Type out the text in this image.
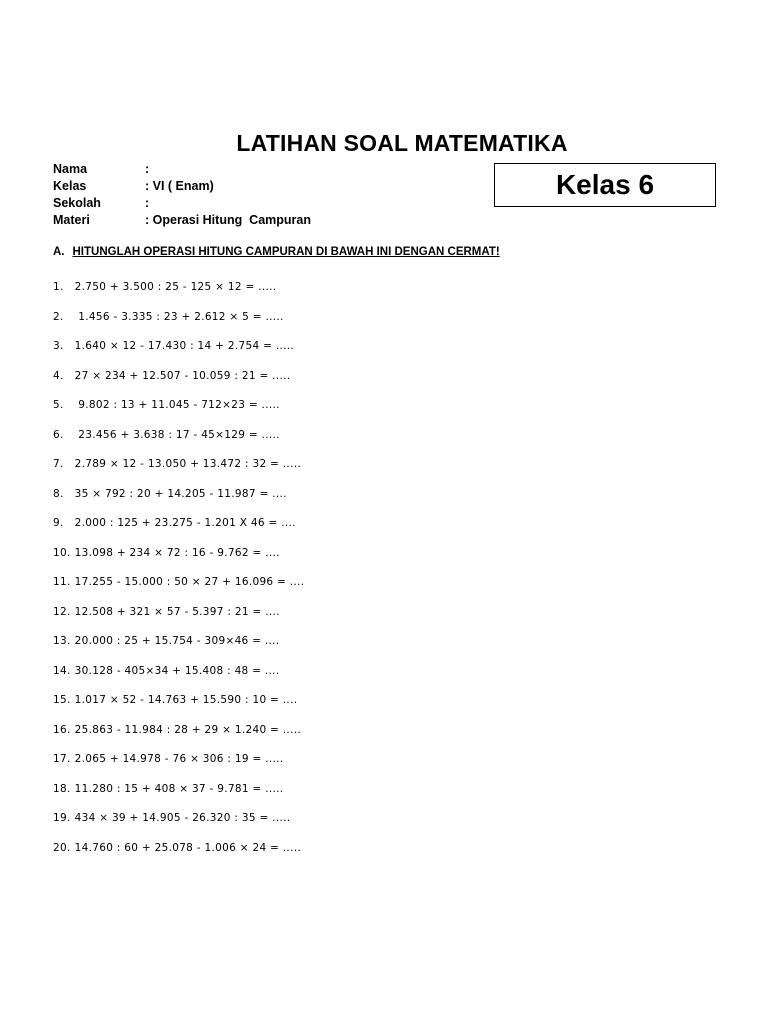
LATIHAN SOAL MATEMATIKA
Nama	:
Kelas	: VI ( Enam)
Sekolah	:
Materi	: Operasi Hitung  Campuran
Kelas 6
A. HITUNGLAH OPERASI HITUNG CAMPURAN DI BAWAH INI DENGAN CERMAT!
1. 2.750 + 3.500 : 25 - 125 × 12 = .....
2.  1.456 - 3.335 : 23 + 2.612 × 5 = .....
3. 1.640 × 12 - 17.430 : 14 + 2.754 = .....
4. 27 × 234 + 12.507 - 10.059 : 21 = .....
5.  9.802 : 13 + 11.045 - 712×23 = .....
6.  23.456 + 3.638 : 17 - 45×129 = .....
7. 2.789 × 12 - 13.050 + 13.472 : 32 = .....
8. 35 × 792 : 20 + 14.205 - 11.987 = ....
9. 2.000 : 125 + 23.275 - 1.201 X 46 = ....
10. 13.098 + 234 × 72 : 16 - 9.762 = ....
11. 17.255 - 15.000 : 50 × 27 + 16.096 = ....
12. 12.508 + 321 × 57 - 5.397 : 21 = ....
13. 20.000 : 25 + 15.754 - 309×46 = ....
14. 30.128 - 405×34 + 15.408 : 48 = ....
15. 1.017 × 52 - 14.763 + 15.590 : 10 = ....
16. 25.863 - 11.984 : 28 + 29 × 1.240 = .....
17. 2.065 + 14.978 - 76 × 306 : 19 = .....
18. 11.280 : 15 + 408 × 37 - 9.781 = .....
19. 434 × 39 + 14.905 - 26.320 : 35 = .....
20. 14.760 : 60 + 25.078 - 1.006 × 24 = .....
